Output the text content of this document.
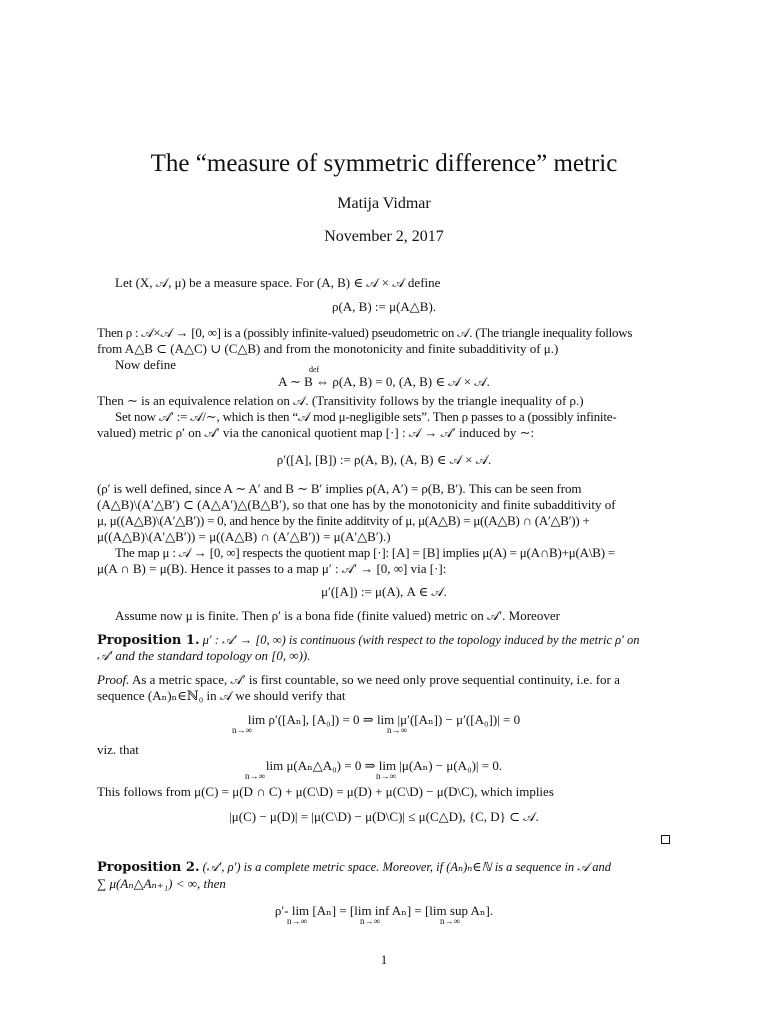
The “measure of symmetric difference” metric
Matija Vidmar
November 2, 2017
Let (X, 𝒜, μ) be a measure space. For (A, B) ∈ 𝒜 × 𝒜 define
ρ(A, B) := μ(A△B).
Then ρ : 𝒜×𝒜 → [0, ∞] is a (possibly infinite-valued) pseudometric on 𝒜. (The triangle inequality follows
from A△B ⊂ (A△C) ∪ (C△B) and from the monotonicity and finite subadditivity of μ.)
Now define	def
A ∼ B ⇔ ρ(A, B) = 0, (A, B) ∈ 𝒜 × 𝒜.
Then ∼ is an equivalence relation on 𝒜. (Transitivity follows by the triangle inequality of ρ.)
Set now 𝒜′ := 𝒜/∼, which is then “𝒜 mod μ-negligible sets”. Then ρ passes to a (possibly infinite-
valued) metric ρ′ on 𝒜′ via the canonical quotient map [·] : 𝒜 → 𝒜′ induced by ∼:
ρ′([A], [B]) := ρ(A, B), (A, B) ∈ 𝒜 × 𝒜.
(ρ′ is well defined, since A ∼ A′ and B ∼ B′ implies ρ(A, A′) = ρ(B, B′). This can be seen from
(A△B)\(A′△B′) ⊂ (A△A′)△(B△B′), so that one has by the monotonicity and finite subadditivity of
μ, μ((A△B)\(A′△B′)) = 0, and hence by the finite additvity of μ, μ(A△B) = μ((A△B) ∩ (A′△B′)) +
μ((A△B)\(A′△B′)) = μ((A△B) ∩ (A′△B′)) = μ(A′△B′).)
The map μ : 𝒜 → [0, ∞] respects the quotient map [·]: [A] = [B] implies μ(A) = μ(A∩B)+μ(A\B) =
μ(A ∩ B) = μ(B). Hence it passes to a map μ′ : 𝒜′ → [0, ∞] via [·]:
μ′([A]) := μ(A), A ∈ 𝒜.
Assume now μ is finite. Then ρ′ is a bona fide (finite valued) metric on 𝒜′. Moreover
Proposition 1. μ′ : 𝒜′ → [0, ∞) is continuous (with respect to the topology induced by the metric ρ′ on
𝒜′ and the standard topology on [0, ∞)).
Proof. As a metric space, 𝒜′ is first countable, so we need only prove sequential continuity, i.e. for a
sequence (Aₙ)ₙ∈ℕ₀ in 𝒜 we should verify that
lim ρ′([Aₙ], [A₀]) = 0 ⇒ lim |μ′([Aₙ]) − μ′([A₀])| = 0
n→∞	n→∞
viz. that
lim μ(Aₙ△A₀) = 0 ⇒ lim |μ(Aₙ) − μ(A₀)| = 0.
n→∞	n→∞
This follows from μ(C) = μ(D ∩ C) + μ(C\D) = μ(D) + μ(C\D) − μ(D\C), which implies
|μ(C) − μ(D)| = |μ(C\D) − μ(D\C)| ≤ μ(C△D), {C, D} ⊂ 𝒜.
Proposition 2. (𝒜′, ρ′) is a complete metric space. Moreover, if (Aₙ)ₙ∈ℕ is a sequence in 𝒜 and
∑ μ(Aₙ△Aₙ₊₁) < ∞, then
ρ′- lim [Aₙ] = [lim inf Aₙ] = [lim sup Aₙ].
n→∞	n→∞	n→∞
1
